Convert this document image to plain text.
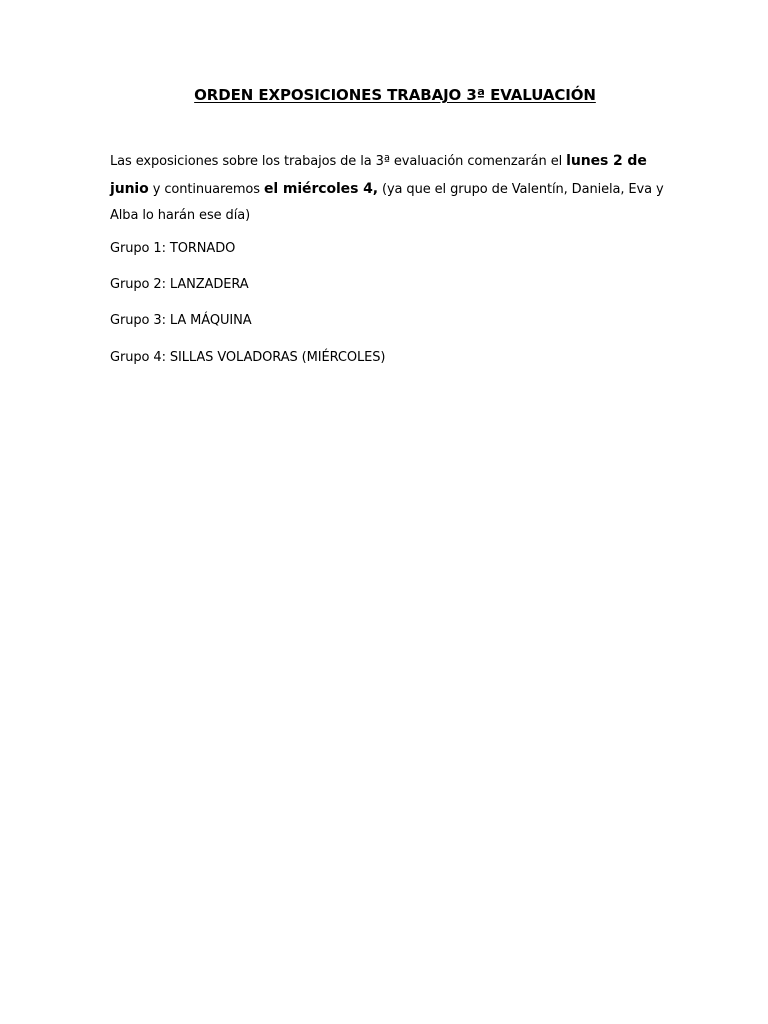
ORDEN EXPOSICIONES TRABAJO 3ª EVALUACIÓN

Las exposiciones sobre los trabajos de la 3ª evaluación comenzarán el lunes 2 de junio y continuaremos el miércoles 4, (ya que el grupo de Valentín, Daniela, Eva y Alba lo harán ese día)

Grupo 1: TORNADO
Grupo 2: LANZADERA
Grupo 3: LA MÁQUINA
Grupo 4: SILLAS VOLADORAS (MIÉRCOLES)
